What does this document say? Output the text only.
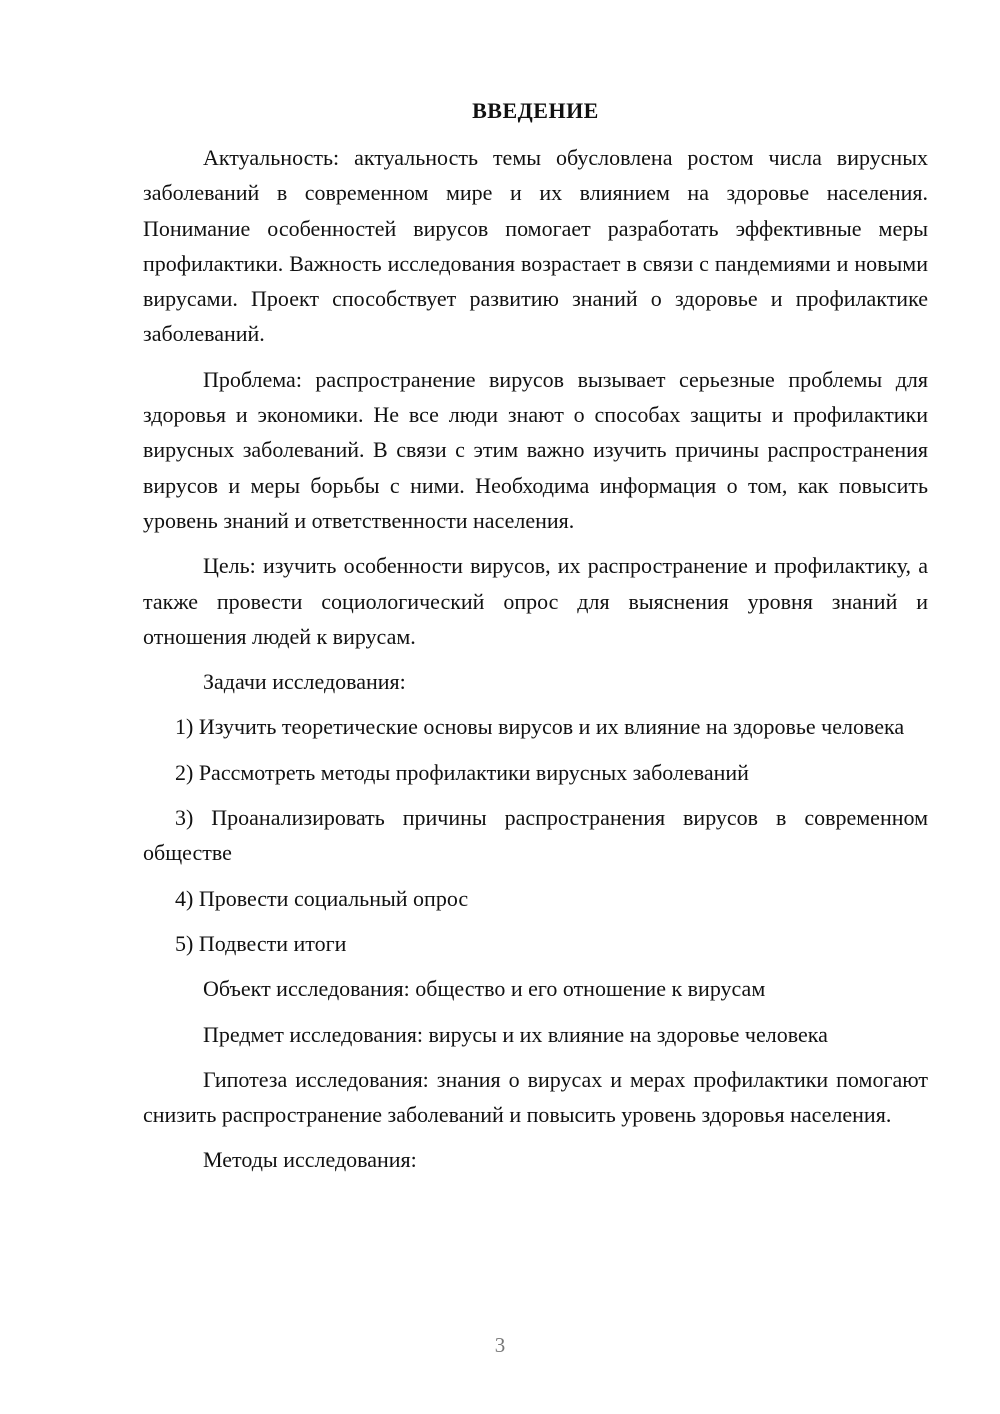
ВВЕДЕНИЕ

Актуальность: актуальность темы обусловлена ростом числа вирусных заболеваний в современном мире и их влиянием на здоровье населения. Понимание особенностей вирусов помогает разработать эффективные меры профилактики. Важность исследования возрастает в связи с пандемиями и новыми вирусами. Проект способствует развитию знаний о здоровье и профилактике заболеваний.

Проблема: распространение вирусов вызывает серьезные проблемы для здоровья и экономики. Не все люди знают о способах защиты и профилактики вирусных заболеваний. В связи с этим важно изучить причины распространения вирусов и меры борьбы с ними. Необходима информация о том, как повысить уровень знаний и ответственности населения.

Цель: изучить особенности вирусов, их распространение и профилактику, а также провести социологический опрос для выяснения уровня знаний и отношения людей к вирусам.

Задачи исследования:

1) Изучить теоретические основы вирусов и их влияние на здоровье человека

2) Рассмотреть методы профилактики вирусных заболеваний

3) Проанализировать причины распространения вирусов в современном обществе

4) Провести социальный опрос

5) Подвести итоги

Объект исследования: общество и его отношение к вирусам

Предмет исследования: вирусы и их влияние на здоровье человека

Гипотеза исследования: знания о вирусах и мерах профилактики помогают снизить распространение заболеваний и повысить уровень здоровья населения.

Методы исследования:

3
